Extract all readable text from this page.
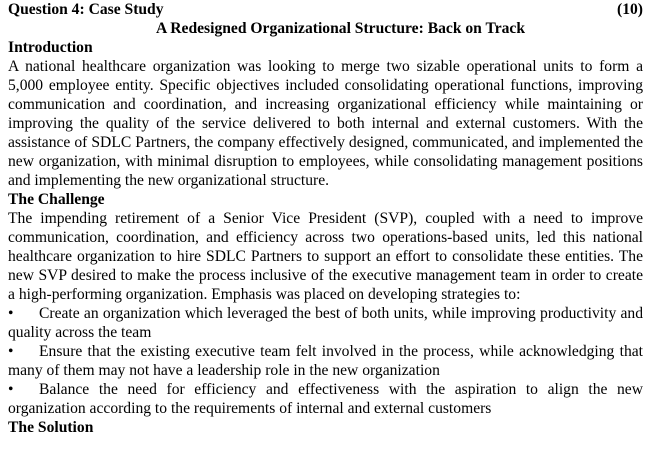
Question 4: Case Study	(10)
A Redesigned Organizational Structure: Back on Track
Introduction

A national healthcare organization was looking to merge two sizable operational units to form a 5,000 employee entity. Specific objectives included consolidating operational functions, improving communication and coordination, and increasing organizational efficiency while maintaining or improving the quality of the service delivered to both internal and external customers. With the assistance of SDLC Partners, the company effectively designed, communicated, and implemented the new organization, with minimal disruption to employees, while consolidating management positions and implementing the new organizational structure.

The Challenge

The impending retirement of a Senior Vice President (SVP), coupled with a need to improve communication, coordination, and efficiency across two operations-based units, led this national healthcare organization to hire SDLC Partners to support an effort to consolidate these entities. The new SVP desired to make the process inclusive of the executive management team in order to create a high-performing organization. Emphasis was placed on developing strategies to:

• Create an organization which leveraged the best of both units, while improving productivity and quality across the team
• Ensure that the existing executive team felt involved in the process, while acknowledging that many of them may not have a leadership role in the new organization
• Balance the need for efficiency and effectiveness with the aspiration to align the new organization according to the requirements of internal and external customers
The Solution
